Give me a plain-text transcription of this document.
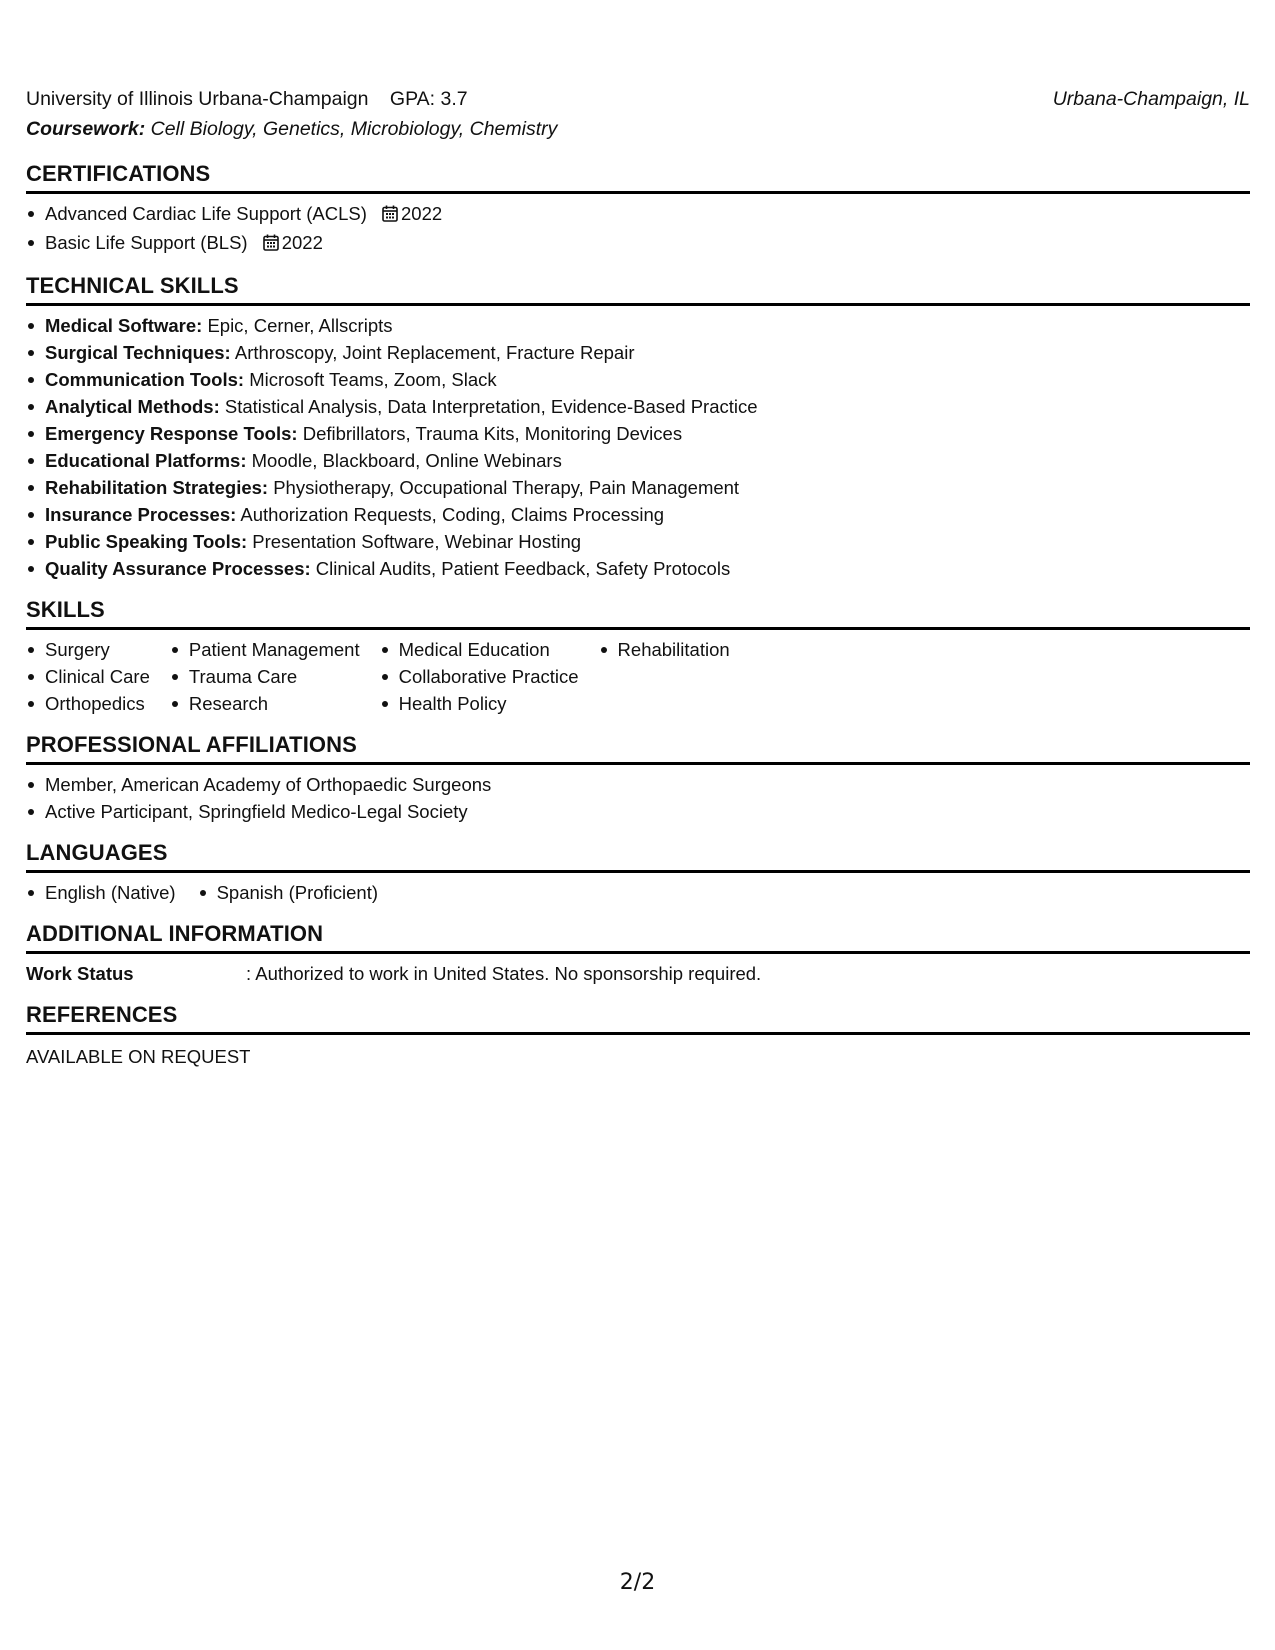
University of Illinois Urbana-Champaign GPA: 3.7	Urbana-Champaign, IL
Coursework: Cell Biology, Genetics, Microbiology, Chemistry
CERTIFICATIONS
Advanced Cardiac Life Support (ACLS) 2022
Basic Life Support (BLS) 2022
TECHNICAL SKILLS
Medical Software: Epic, Cerner, Allscripts
Surgical Techniques: Arthroscopy, Joint Replacement, Fracture Repair
Communication Tools: Microsoft Teams, Zoom, Slack
Analytical Methods: Statistical Analysis, Data Interpretation, Evidence-Based Practice
Emergency Response Tools: Defibrillators, Trauma Kits, Monitoring Devices
Educational Platforms: Moodle, Blackboard, Online Webinars
Rehabilitation Strategies: Physiotherapy, Occupational Therapy, Pain Management
Insurance Processes: Authorization Requests, Coding, Claims Processing
Public Speaking Tools: Presentation Software, Webinar Hosting
Quality Assurance Processes: Clinical Audits, Patient Feedback, Safety Protocols
SKILLS
Surgery
Clinical Care
Orthopedics
Patient Management
Trauma Care
Research
Medical Education
Collaborative Practice
Health Policy
Rehabilitation
PROFESSIONAL AFFILIATIONS
Member, American Academy of Orthopaedic Surgeons
Active Participant, Springfield Medico-Legal Society
LANGUAGES
English (Native)	Spanish (Proficient)
ADDITIONAL INFORMATION
Work Status	: Authorized to work in United States. No sponsorship required.
REFERENCES
AVAILABLE ON REQUEST
2/2
